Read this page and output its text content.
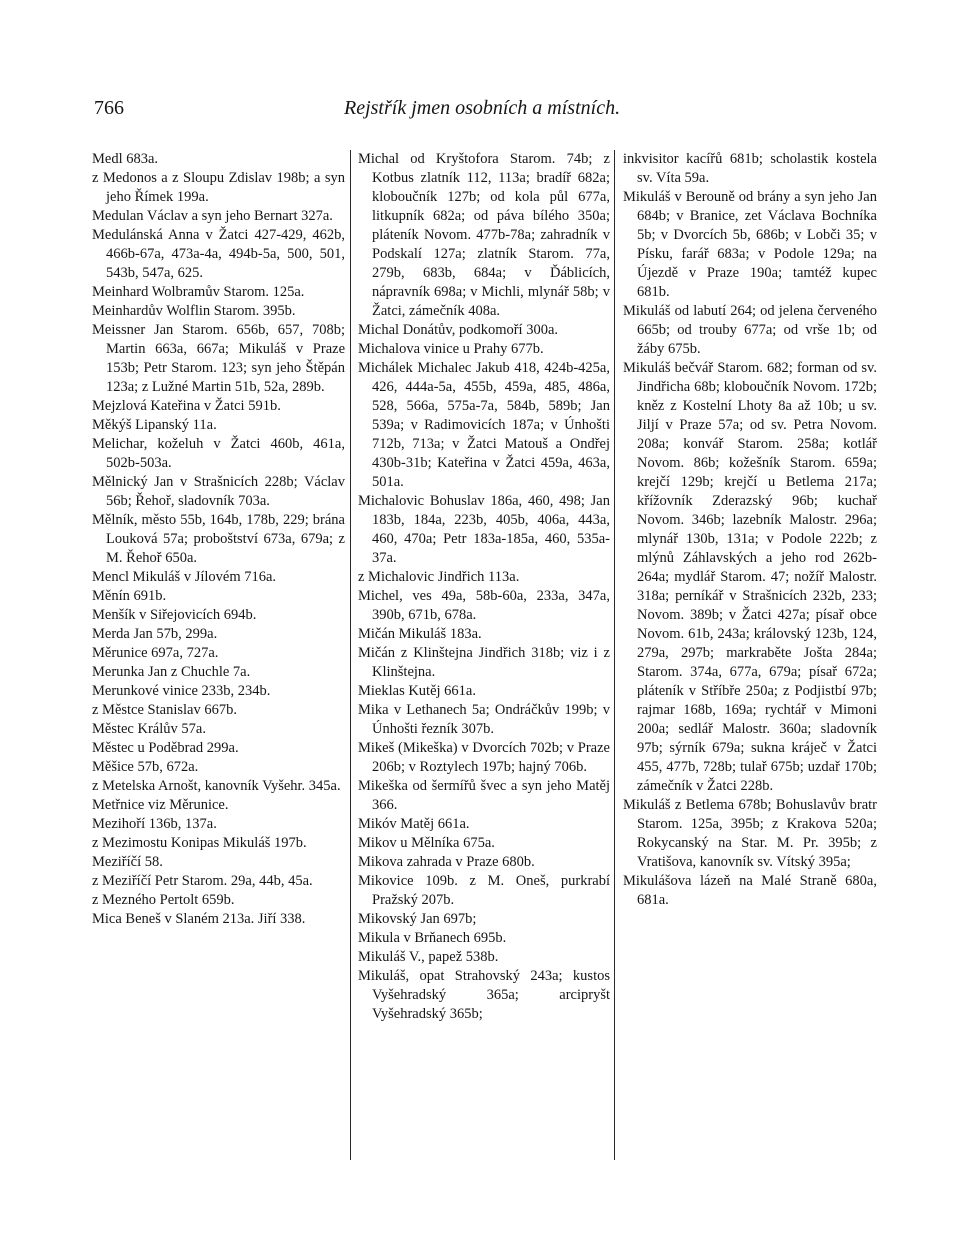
766	Rejstřík jmen osobních a místních.

Medl 683a.

z Medonos a z Sloupu Zdislav 198b; a syn jeho Římek 199a.

Medulan Václav a syn jeho Bernart 327a.

Medulánská Anna v Žatci 427-429, 462b, 466b-67a, 473a-4a, 494b-5a, 500, 501, 543b, 547a, 625.

Meinhard Wolbramův Starom. 125a.

Meinhardův Wolflin Starom. 395b.

Meissner Jan Starom. 656b, 657, 708b; Martin 663a, 667a; Mikuláš v Praze 153b; Petr Starom. 123; syn jeho Štěpán 123a; z Lužné Martin 51b, 52a, 289b.

Mejzlová Kateřina v Žatci 591b.

Měkýš Lipanský 11a.

Melichar, koželuh v Žatci 460b, 461a, 502b-503a.

Mělnický Jan v Strašnicích 228b; Václav 56b; Řehoř, sladovník 703a.

Mělník, město 55b, 164b, 178b, 229; brána Louková 57a; proboštství 673a, 679a; z M. Řehoř 650a.

Mencl Mikuláš v Jílovém 716a.

Měnín 691b.

Menšík v Siřejovicích 694b.

Merda Jan 57b, 299a.

Měrunice 697a, 727a.

Merunka Jan z Chuchle 7a.

Merunkové vinice 233b, 234b.

z Městce Stanislav 667b.

Městec Králův 57a.

Městec u Poděbrad 299a.

Měšice 57b, 672a.

z Metelska Arnošt, kanovník Vyšehr. 345a.

Metřnice viz Měrunice.

Mezihoří 136b, 137a.

z Mezimostu Konipas Mikuláš 197b.

Meziříčí 58.

z Meziříčí Petr Starom. 29a, 44b, 45a.

z Mezného Pertolt 659b.

Mica Beneš v Slaném 213a. Jiří 338.

Michal od Kryštofora Starom. 74b; z Kotbus zlatník 112, 113a; bradíř 682a; kloboučník 127b; od kola půl 677a, litkupník 682a; od páva bílého 350a; pláteník Novom. 477b-78a; zahradník v Podskalí 127a; zlatník Starom. 77a, 279b, 683b, 684a; v Ďáblicích, nápravník 698a; v Michli, mlynář 58b; v Žatci, zámečník 408a.

Michal Donátův, podkomoří 300a.

Michalova vinice u Prahy 677b.

Michálek Michalec Jakub 418, 424b-425a, 426, 444a-5a, 455b, 459a, 485, 486a, 528, 566a, 575a-7a, 584b, 589b; Jan 539a; v Radimovicích 187a; v Únhošti 712b, 713a; v Žatci Matouš a Ondřej 430b-31b; Kateřina v Žatci 459a, 463a, 501a.

Michalovic Bohuslav 186a, 460, 498; Jan 183b, 184a, 223b, 405b, 406a, 443a, 460, 470a; Petr 183a-185a, 460, 535a-37a.

z Michalovic Jindřich 113a.

Michel, ves 49a, 58b-60a, 233a, 347a, 390b, 671b, 678a.

Mičán Mikuláš 183a.

Mičán z Klinštejna Jindřich 318b; viz i z Klinštejna.

Mieklas Kutěj 661a.

Mika v Lethanech 5a; Ondráčkův 199b; v Únhošti řezník 307b.

Mikeš (Mikeška) v Dvorcích 702b; v Praze 206b; v Roztylech 197b; hajný 706b.

Mikeška od šermířů švec a syn jeho Matěj 366.

Mikóv Matěj 661a.

Mikov u Mělníka 675a.

Mikova zahrada v Praze 680b.

Mikovice 109b. z M. Oneš, purkrabí Pražský 207b.

Mikovský Jan 697b;

Mikula v Brňanech 695b.

Mikuláš V., papež 538b.

Mikuláš, opat Strahovský 243a; kustos Vyšehradský 365a; arcipryšt Vyšehradský 365b;

inkvisitor kacířů 681b; scholastik kostela sv. Víta 59a.

Mikuláš v Berouně od brány a syn jeho Jan 684b; v Branice, zet Václava Bochníka 5b; v Dvorcích 5b, 686b; v Lobči 35; v Písku, farář 683a; v Podole 129a; na Újezdě v Praze 190a; tamtéž kupec 681b.

Mikuláš od labutí 264; od jelena červeného 665b; od trouby 677a; od vrše 1b; od žáby 675b.

Mikuláš bečvář Starom. 682; forman od sv. Jindřicha 68b; kloboučník Novom. 172b; kněz z Kostelní Lhoty 8a až 10b; u sv. Jiljí v Praze 57a; od sv. Petra Novom. 208a; konvář Starom. 258a; kotlář Novom. 86b; kožešník Starom. 659a; krejčí 129b; krejčí u Betlema 217a; křížovník Zderazský 96b; kuchař Novom. 346b; lazebník Malostr. 296a; mlynář 130b, 131a; v Podole 222b; z mlýnů Záhlavských a jeho rod 262b-264a; mydlář Starom. 47; nožíř Malostr. 318a; perníkář v Strašnicích 232b, 233; Novom. 389b; v Žatci 427a; písař obce Novom. 61b, 243a; královský 123b, 124, 279a, 297b; markraběte Jošta 284a; Starom. 374a, 677a, 679a; písař 672a; pláteník v Stříbře 250a; z Podjistbí 97b; rajmar 168b, 169a; rychtář v Mimoni 200a; sedlář Malostr. 360a; sladovník 97b; sýrník 679a; sukna kráječ v Žatci 455, 477b, 728b; tulař 675b; uzdař 170b; zámečník v Žatci 228b.

Mikuláš z Betlema 678b; Bohuslavův bratr Starom. 125a, 395b; z Krakova 520a; Rokycanský na Star. M. Pr. 395b; z Vratišova, kanovník sv. Vítský 395a;

Mikulášova lázeň na Malé Straně 680a, 681a.
